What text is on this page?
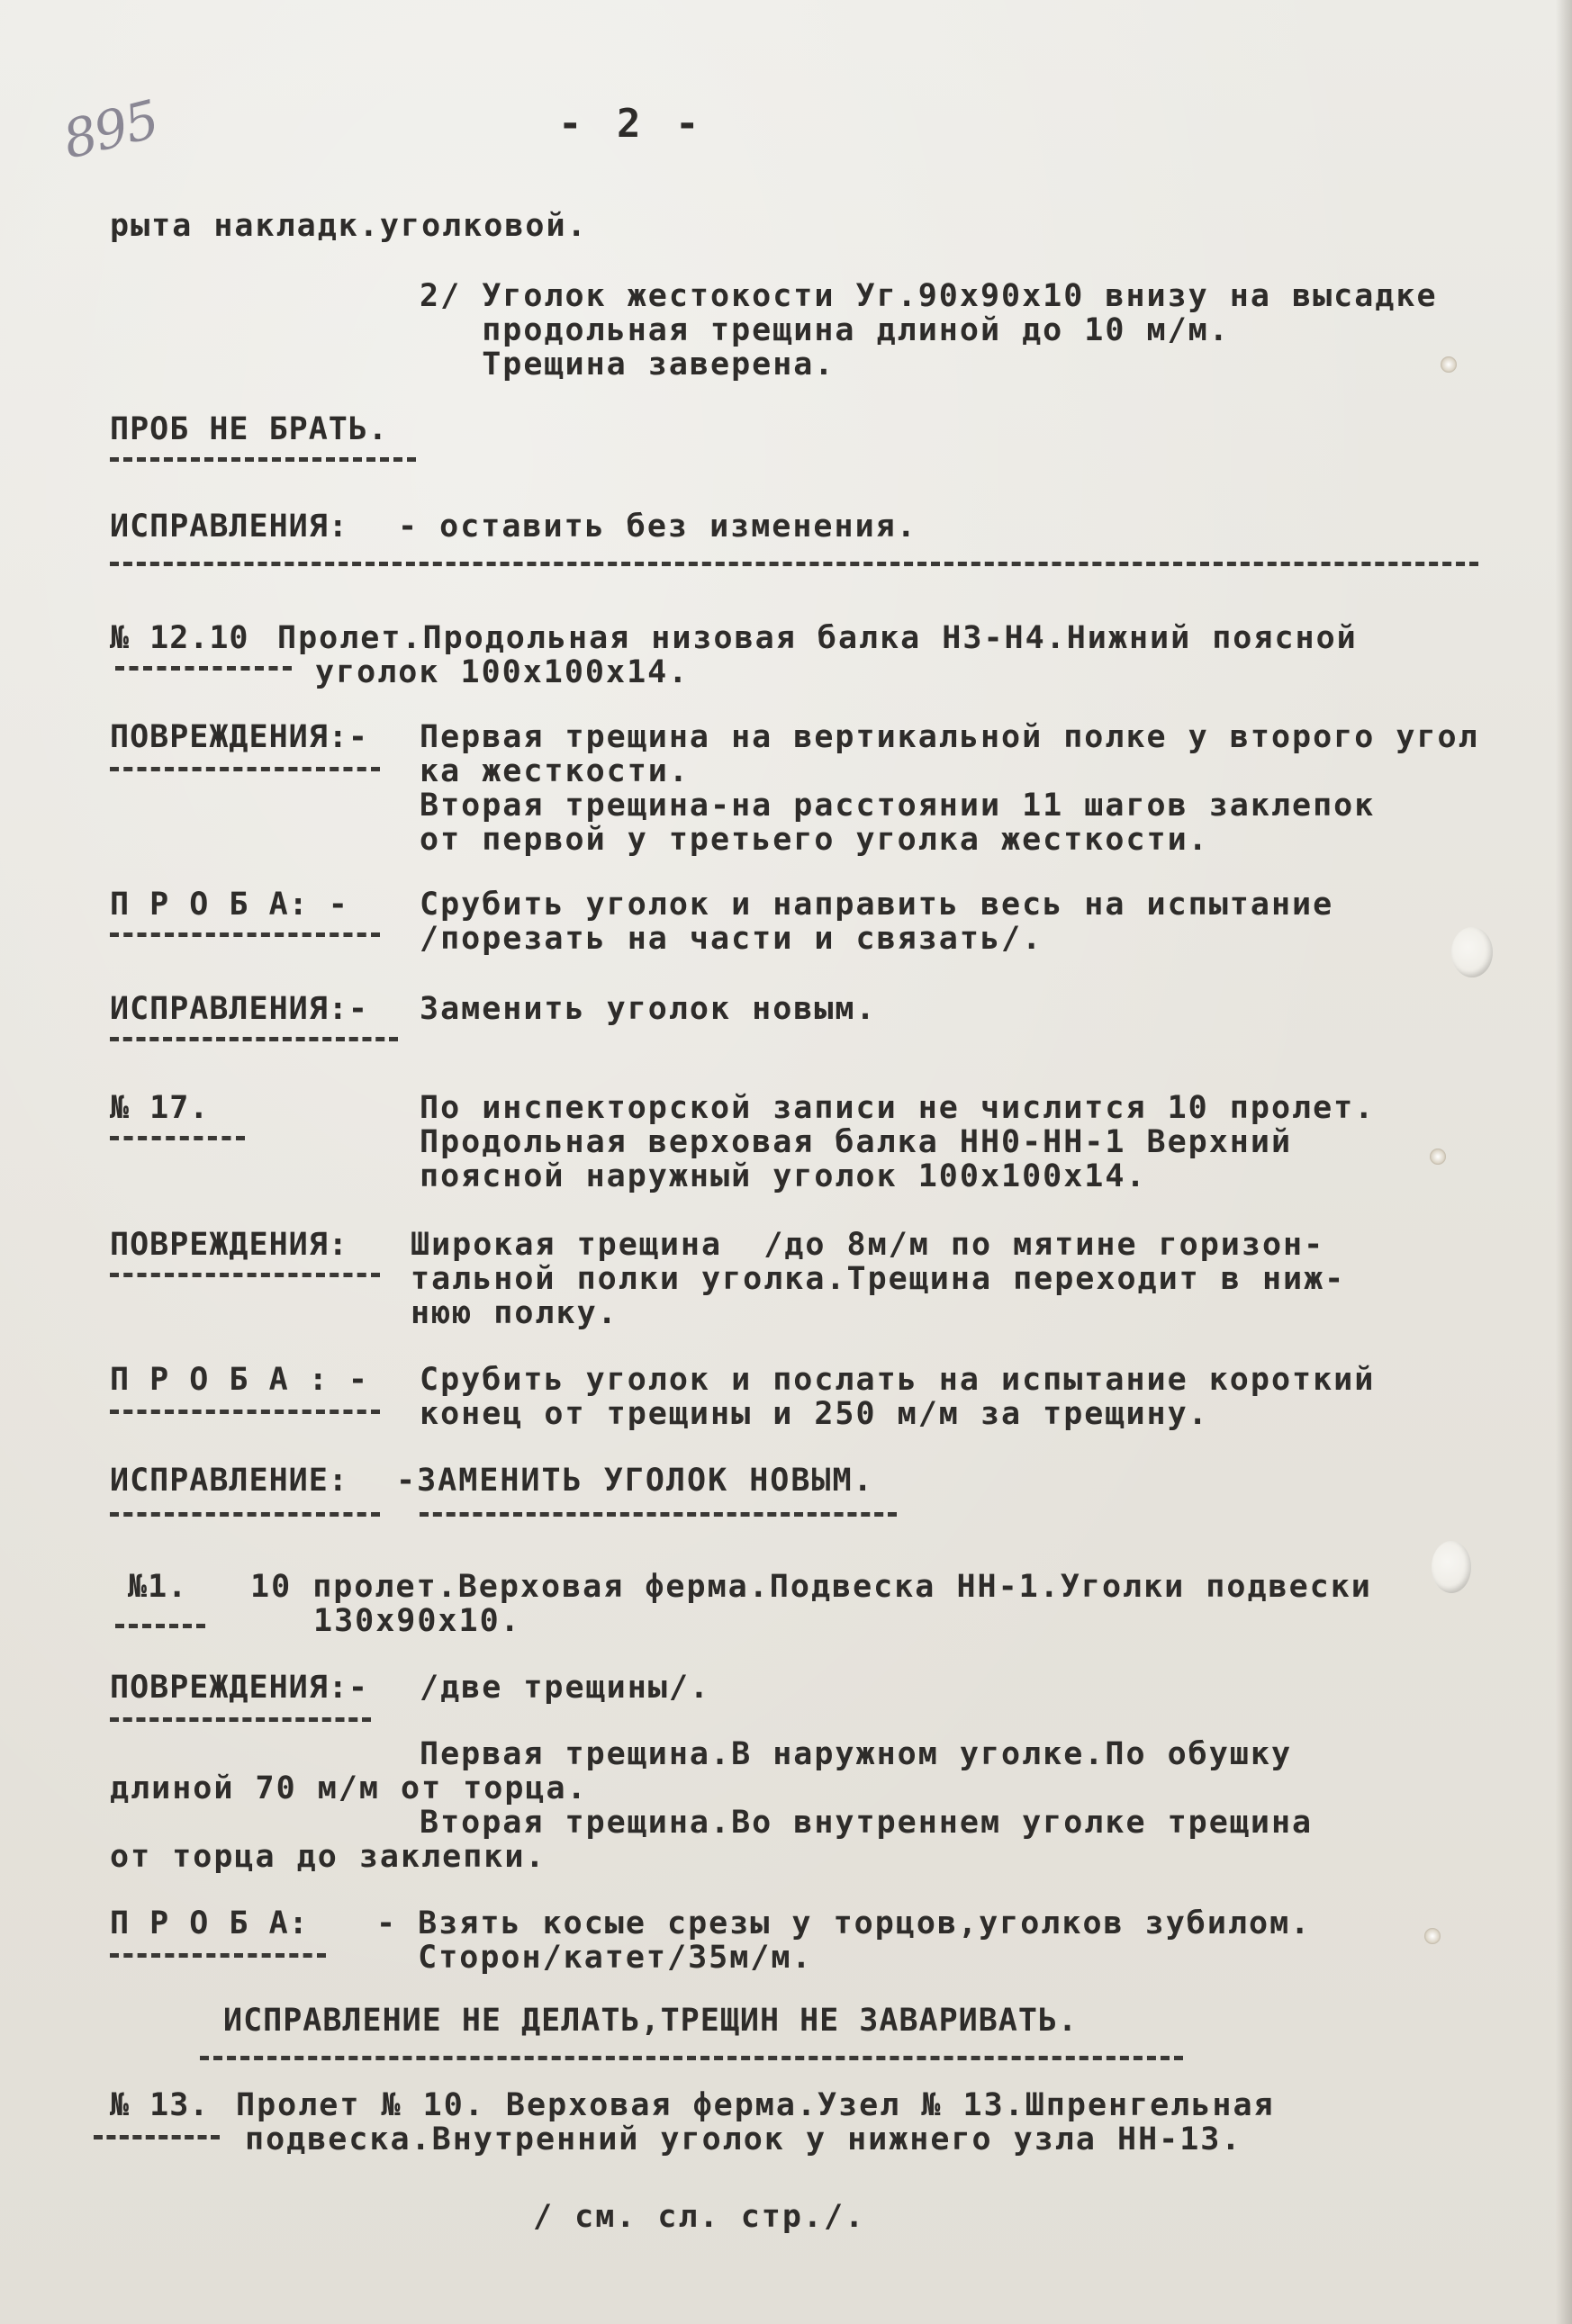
895	- 2 -
рыта накладк.уголковой.
2/ Уголок жестокости Уг.90х90х10 внизу на высадке
продольная трещина длиной до 10 м/м.
Трещина заверена.
ПРОБ НЕ БРАТЬ.
ИСПРАВЛЕНИЯ: - оставить без изменения.
№ 12.10 Пролет.Продольная низовая балка НЗ-Н4.Нижний поясной
уголок 100х100х14.
ПОВРЕЖДЕНИЯ:- Первая трещина на вертикальной полке у второго угол
ка жесткости.
Вторая трещина-на расстоянии 11 шагов заклепок
от первой у третьего уголка жесткости.
П Р О Б А: - Срубить уголок и направить весь на испытание
/порезать на части и связать/.
ИСПРАВЛЕНИЯ:- Заменить уголок новым.
№ 17.	По инспекторской записи не числится 10 пролет.
Продольная верховая балка НН0-НН-1 Верхний
поясной наружный уголок 100х100х14.
ПОВРЕЖДЕНИЯ: Широкая трещина  /до 8м/м по мятине горизон-
тальной полки уголка.Трещина переходит в ниж-
нюю полку.
П Р О Б А : - Срубить уголок и послать на испытание короткий
конец от трещины и 250 м/м за трещину.
ИСПРАВЛЕНИЕ: -ЗАМЕНИТЬ УГОЛОК НОВЫМ.
№1. 10 пролет.Верховая ферма.Подвеска НН-1.Уголки подвески
130х90х10.
ПОВРЕЖДЕНИЯ:- /две трещины/.
Первая трещина.В наружном уголке.По обушку
длиной 70 м/м от торца.
Вторая трещина.Во внутреннем уголке трещина
от торца до заклепки.
П Р О Б А: - Взять косые срезы у торцов,уголков зубилом.
Сторон/катет/35м/м.
ИСПРАВЛЕНИЕ НЕ ДЕЛАТЬ,ТРЕЩИН НЕ ЗАВАРИВАТЬ.
№ 13. Пролет № 10. Верховая ферма.Узел № 13.Шпренгельная
подвеска.Внутренний уголок у нижнего узла НН-13.
/ см. сл. стр./.
